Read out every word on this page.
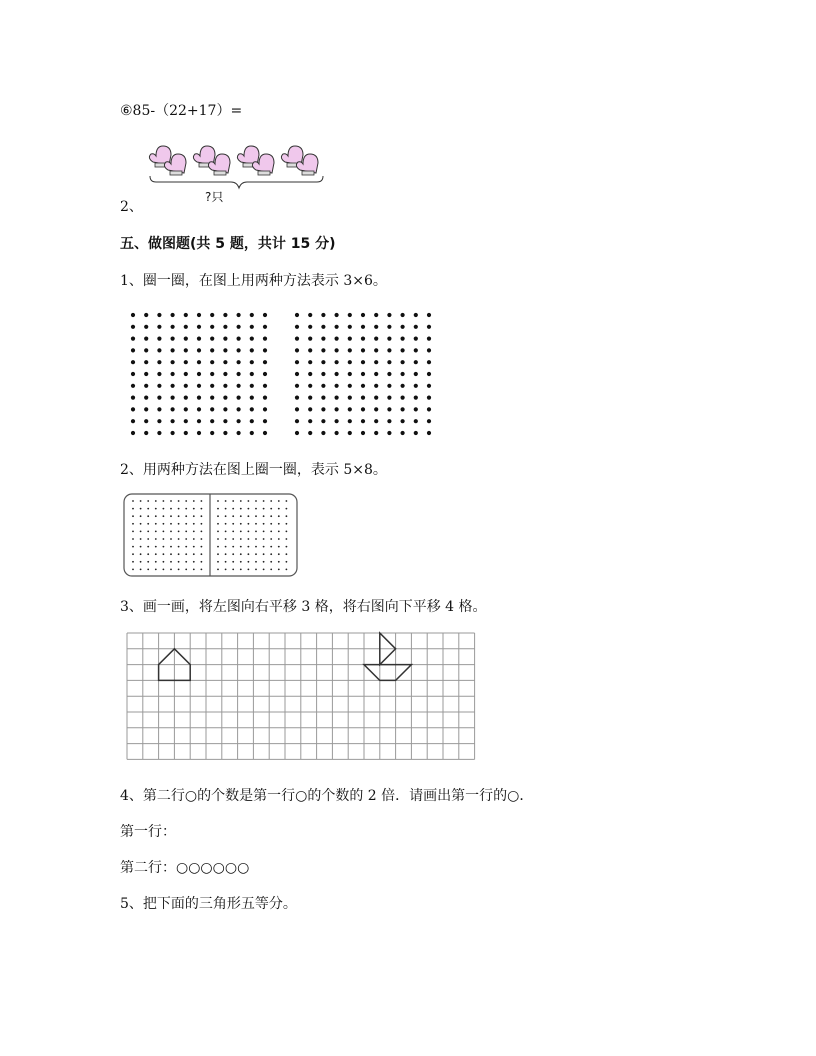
⑥85-（22+17）=
?只
2、
五、做图题(共 5 题，共计 15 分)
1、圈一圈，在图上用两种方法表示 3×6。
2、用两种方法在图上圈一圈，表示 5×8。
3、画一画，将左图向右平移 3 格，将右图向下平移 4 格。
4、第二行○的个数是第一行○的个数的 2 倍．请画出第一行的○．
第一行：
第二行：○○○○○○
5、把下面的三角形五等分。
